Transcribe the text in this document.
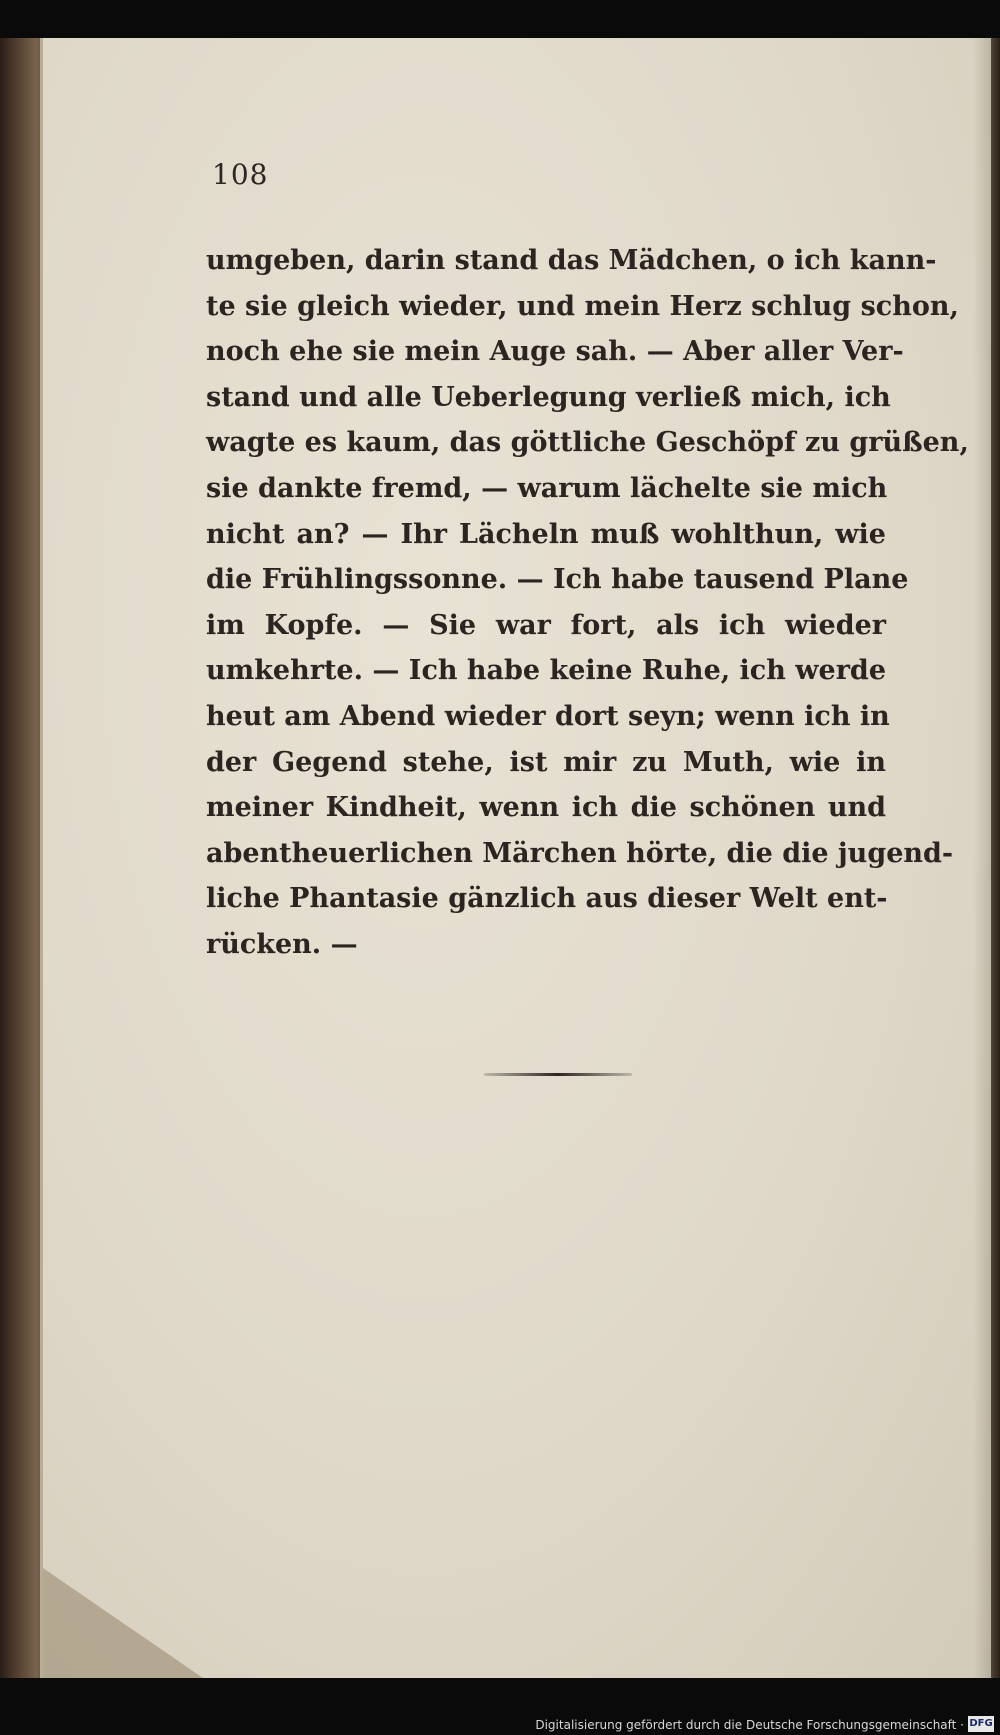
108
umgeben, darin stand das Mädchen, o ich kann-
te sie gleich wieder, und mein Herz schlug schon,
noch ehe sie mein Auge sah. — Aber aller Ver-
stand und alle Ueberlegung verließ mich, ich
wagte es kaum, das göttliche Geschöpf zu grüßen,
sie dankte fremd, — warum lächelte sie mich
nicht an? — Ihr Lächeln muß wohlthun, wie
die Frühlingssonne. — Ich habe tausend Plane
im Kopfe. — Sie war fort, als ich wieder
umkehrte. — Ich habe keine Ruhe, ich werde
heut am Abend wieder dort seyn; wenn ich in
der Gegend stehe, ist mir zu Muth, wie in
meiner Kindheit, wenn ich die schönen und
abentheuerlichen Märchen hörte, die die jugend-
liche Phantasie gänzlich aus dieser Welt ent-
rücken. —
Digitalisierung gefördert durch die Deutsche Forschungsgemeinschaft · DFG
